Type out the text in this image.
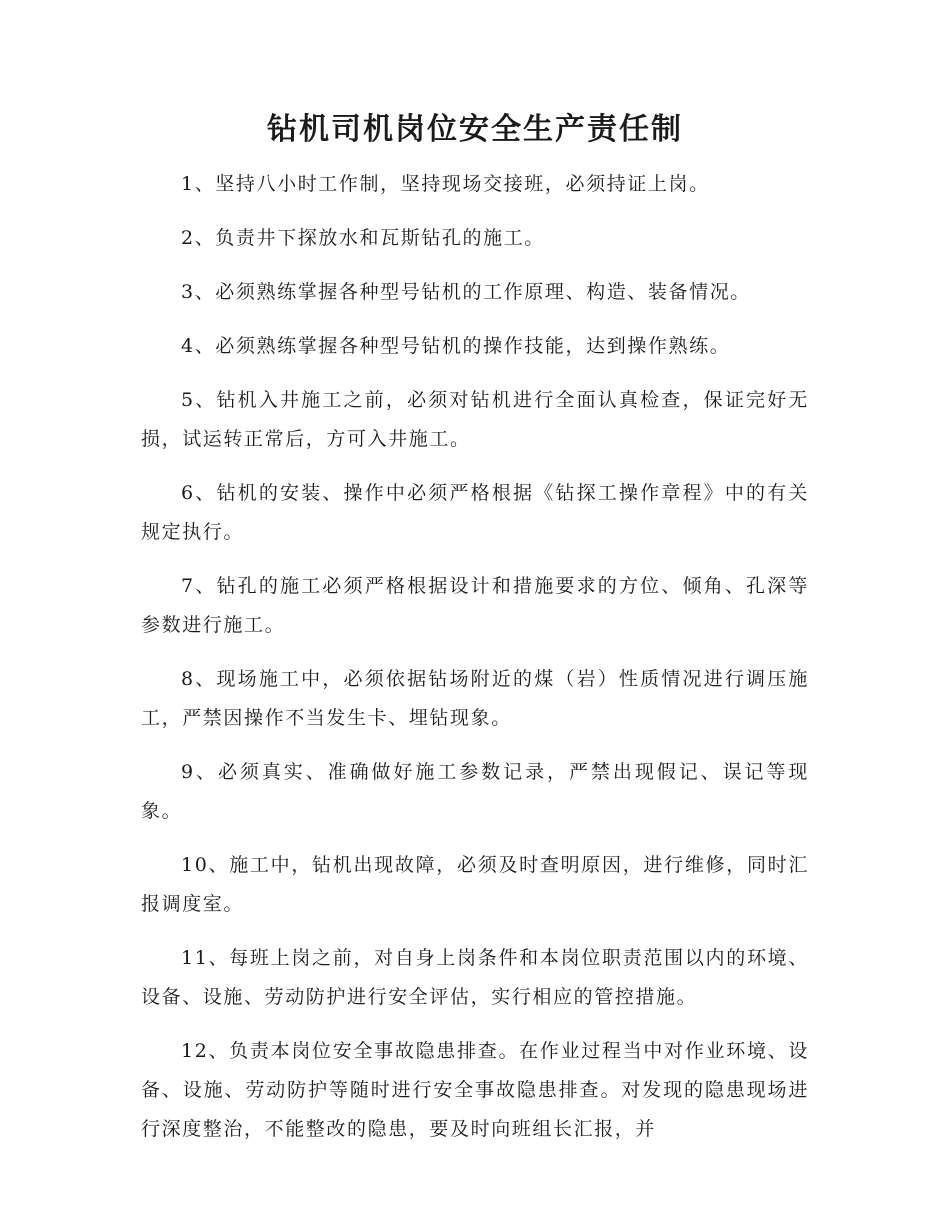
钻机司机岗位安全生产责任制

1、坚持八小时工作制，坚持现场交接班，必须持证上岗。

2、负责井下探放水和瓦斯钻孔的施工。

3、必须熟练掌握各种型号钻机的工作原理、构造、装备情况。

4、必须熟练掌握各种型号钻机的操作技能，达到操作熟练。

5、钻机入井施工之前，必须对钻机进行全面认真检查，保证完好无损，试运转正常后，方可入井施工。

6、钻机的安装、操作中必须严格根据《钻探工操作章程》中的有关规定执行。

7、钻孔的施工必须严格根据设计和措施要求的方位、倾角、孔深等参数进行施工。

8、现场施工中，必须依据钻场附近的煤（岩）性质情况进行调压施工，严禁因操作不当发生卡、埋钻现象。

9、必须真实、准确做好施工参数记录，严禁出现假记、误记等现象。

10、施工中，钻机出现故障，必须及时查明原因，进行维修，同时汇报调度室。

11、每班上岗之前，对自身上岗条件和本岗位职责范围以内的环境、设备、设施、劳动防护进行安全评估，实行相应的管控措施。

12、负责本岗位安全事故隐患排查。在作业过程当中对作业环境、设备、设施、劳动防护等随时进行安全事故隐患排查。对发现的隐患现场进行深度整治，不能整改的隐患，要及时向班组长汇报，并
